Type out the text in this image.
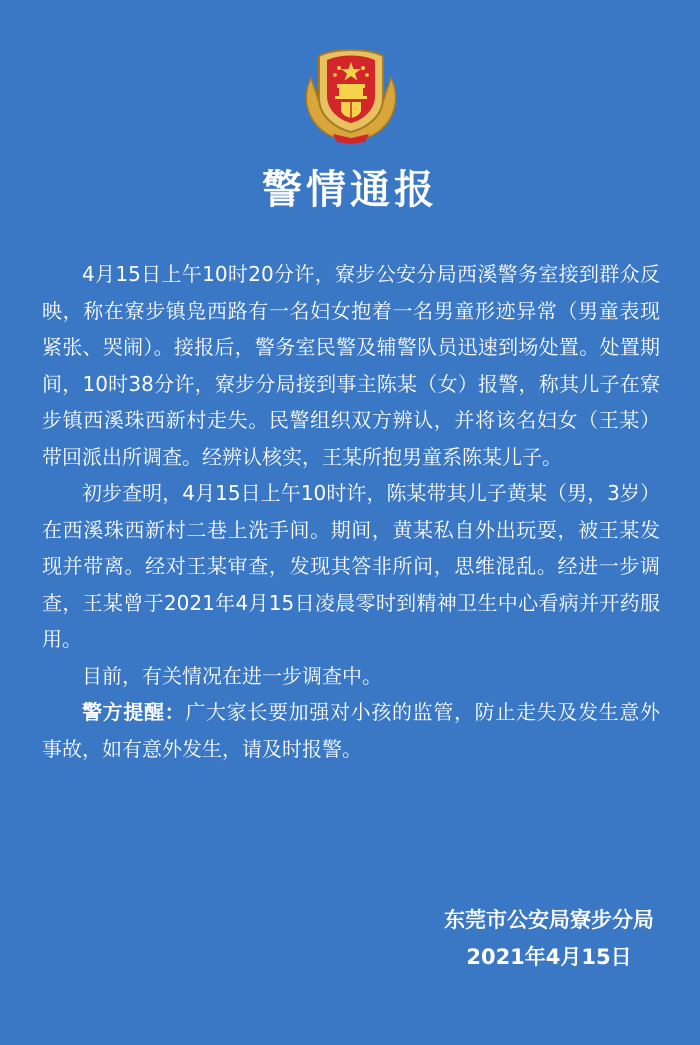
警情通报

4月15日上午10时20分许，寮步公安分局西溪警务室接到群众反映，称在寮步镇凫西路有一名妇女抱着一名男童形迹异常（男童表现紧张、哭闹）。接报后，警务室民警及辅警队员迅速到场处置。处置期间，10时38分许，寮步分局接到事主陈某（女）报警，称其儿子在寮步镇西溪珠西新村走失。民警组织双方辨认，并将该名妇女（王某）带回派出所调查。经辨认核实，王某所抱男童系陈某儿子。

初步查明，4月15日上午10时许，陈某带其儿子黄某（男，3岁）在西溪珠西新村二巷上洗手间。期间，黄某私自外出玩耍，被王某发现并带离。经对王某审查，发现其答非所问，思维混乱。经进一步调查，王某曾于2021年4月15日凌晨零时到精神卫生中心看病并开药服用。

目前，有关情况在进一步调查中。

警方提醒：广大家长要加强对小孩的监管，防止走失及发生意外事故，如有意外发生，请及时报警。

东莞市公安局寮步分局
2021年4月15日
